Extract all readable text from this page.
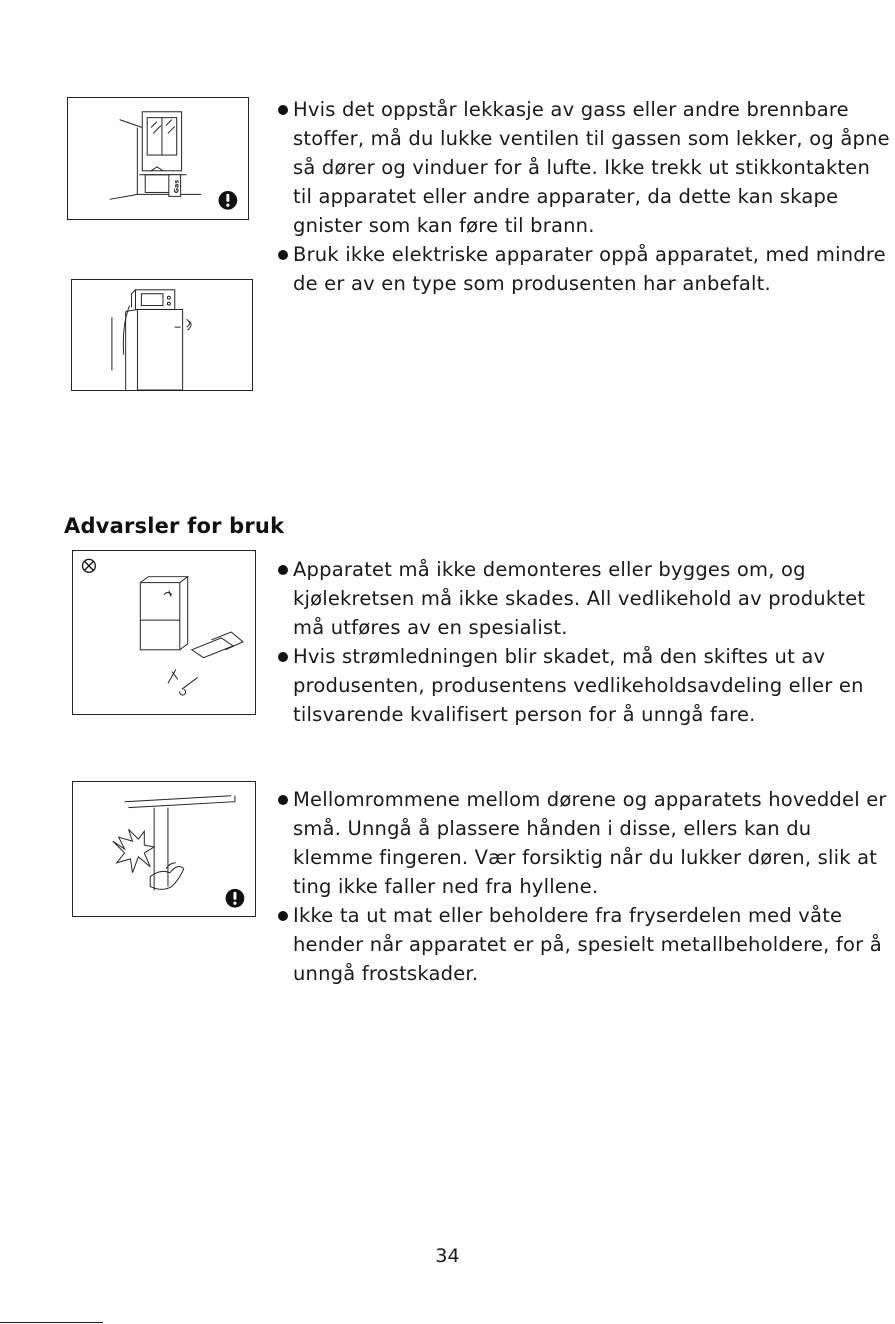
Gas
Hvis det oppstår lekkasje av gass eller andre brennbare stoffer, må du lukke ventilen til gassen som lekker, og åpne så dører og vinduer for å lufte. Ikke trekk ut stikkontakten til apparatet eller andre apparater, da dette kan skape gnister som kan føre til brann.
Bruk ikke elektriske apparater oppå apparatet, med mindre de er av en type som produsenten har anbefalt.
Advarsler for bruk
Apparatet må ikke demonteres eller bygges om, og kjølekretsen må ikke skades. All vedlikehold av produktet må utføres av en spesialist.
Hvis strømledningen blir skadet, må den skiftes ut av produsenten, produsentens vedlikeholdsavdeling eller en tilsvarende kvalifisert person for å unngå fare.
Mellomrommene mellom dørene og apparatets hoveddel er små. Unngå å plassere hånden i disse, ellers kan du klemme fingeren. Vær forsiktig når du lukker døren, slik at ting ikke faller ned fra hyllene.
Ikke ta ut mat eller beholdere fra fryserdelen med våte hender når apparatet er på, spesielt metallbeholdere, for å unngå frostskader.
34
